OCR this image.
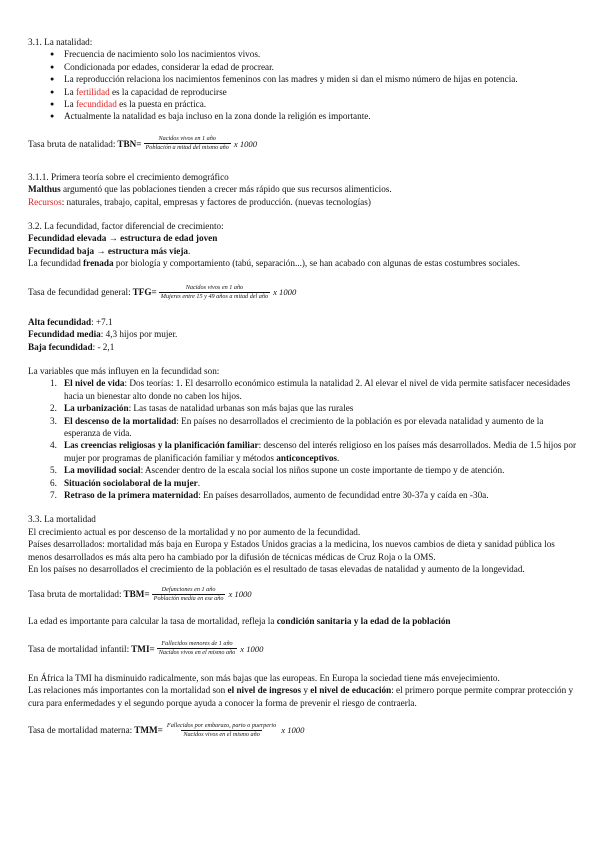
3.1. La natalidad:

● Frecuencia de nacimiento solo los nacimientos vivos.
● Condicionada por edades, considerar la edad de procrear.
● La reproducción relaciona los nacimientos femeninos con las madres y miden si dan el mismo número de hijas en potencia.
● La fertilidad es la capacidad de reproducirse
● La fecundidad es la puesta en práctica.
● Actualmente la natalidad es baja incluso en la zona donde la religión es importante.
Tasa bruta de natalidad: $TBN= \frac{\text{Nacidos vivos en 1 año}}{\text{Población a mitad del mismo año}}$ x 1000

3.1.1. Primera teoría sobre el crecimiento demográfico

Malthus argumentó que las poblaciones tienden a crecer más rápido que sus recursos alimenticios.

Recursos: naturales, trabajo, capital, empresas y factores de producción. (nuevas tecnologías)

3.2. La fecundidad, factor diferencial de crecimiento:

Fecundidad elevada → estructura de edad joven

Fecundidad baja → estructura más vieja.

La fecundidad frenada por biología y comportamiento (tabú, separación...), se han acabado con algunas de estas costumbres sociales.

Tasa de fecundidad general: $TFG= \frac{\text{Nacidos vivos en 1 año}}{\text{Mujeres entre 15 y 49 años a mitad del año}}$ x 1000

Alta fecundidad: +7.1

Fecundidad media: 4,3 hijos por mujer.

Baja fecundidad: - 2,1

La variables que más influyen en la fecundidad son:

1. El nivel de vida: Dos teorías: 1. El desarrollo económico estimula la natalidad 2. Al elevar el nivel de vida permite satisfacer necesidades hacia un bienestar alto donde no caben los hijos.
2. La urbanización: Las tasas de natalidad urbanas son más bajas que las rurales
3. El descenso de la mortalidad: En países no desarrollados el crecimiento de la población es por elevada natalidad y aumento de la esperanza de vida.
4. Las creencias religiosas y la planificación familiar: descenso del interés religioso en los países más desarrollados. Media de 1.5 hijos por mujer por programas de planificación familiar y métodos anticonceptivos.
5. La movilidad social: Ascender dentro de la escala social los niños supone un coste importante de tiempo y de atención.
6. Situación sociolaboral de la mujer.
7. Retraso de la primera maternidad: En países desarrollados, aumento de fecundidad entre 30-37a y caída en -30a.

3.3. La mortalidad

El crecimiento actual es por descenso de la mortalidad y no por aumento de la fecundidad.

Países desarrollados: mortalidad más baja en Europa y Estados Unidos gracias a la medicina, los nuevos cambios de dieta y sanidad pública los menos desarrollados es más alta pero ha cambiado por la difusión de técnicas médicas de Cruz Roja o la OMS.

En los países no desarrollados el crecimiento de la población es el resultado de tasas elevadas de natalidad y aumento de la longevidad.

Tasa bruta de mortalidad: $TBM= \frac{\text{Defunciones en 1 año}}{\text{Población media en ese año}}$ x 1000

La edad es importante para calcular la tasa de mortalidad, refleja la condición sanitaria y la edad de la población

Tasa de mortalidad infantil: $TMI= \frac{\text{Fallecidos menores de 1 año}}{\text{Nacidos vivos en el mismo año}}$ x 1000

En África la TMI ha disminuido radicalmente, son más bajas que las europeas. En Europa la sociedad tiene más envejecimiento.

Las relaciones más importantes con la mortalidad son el nivel de ingresos y el nivel de educación: el primero porque permite comprar protección y cura para enfermedades y el segundo porque ayuda a conocer la forma de prevenir el riesgo de contraerla.

Tasa de mortalidad materna: $TMM= \frac{\text{Fallecidos por embarazo, parto o puerperio}}{\text{Nacidos vivos en el mismo año}}$ x 1000
